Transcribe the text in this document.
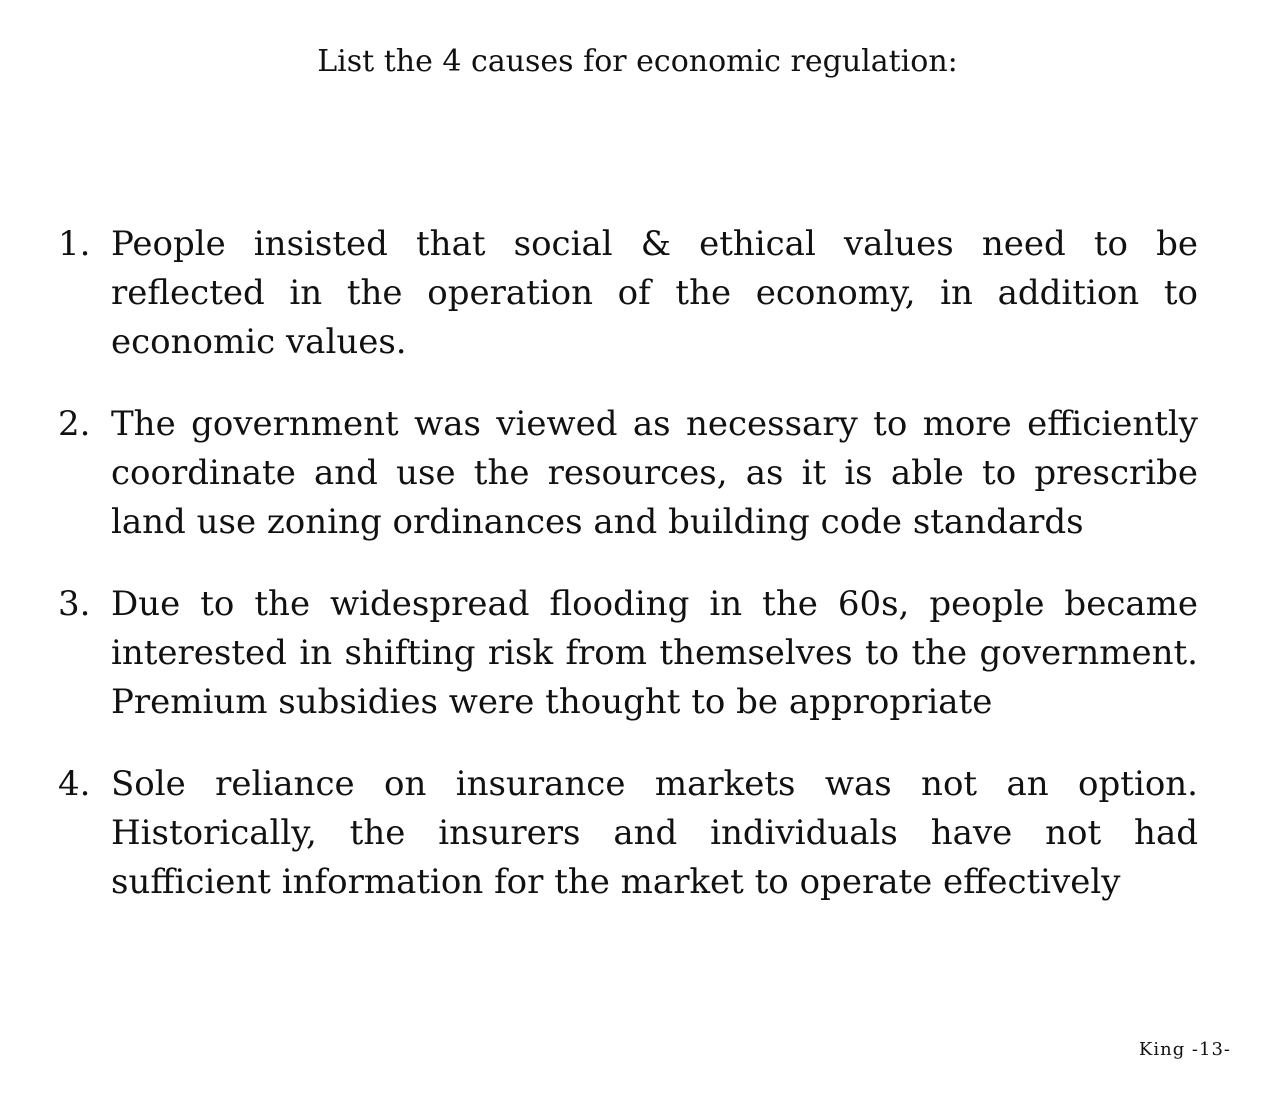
List the 4 causes for economic regulation:
1. People insisted that social & ethical values need to be reflected in the operation of the economy, in addition to economic values.
2. The government was viewed as necessary to more efficiently coordinate and use the resources, as it is able to prescribe land use zoning ordinances and building code standards
3. Due to the widespread flooding in the 60s, people became interested in shifting risk from themselves to the government. Premium subsidies were thought to be appropriate
4. Sole reliance on insurance markets was not an option. Historically, the insurers and individuals have not had sufficient information for the market to operate effectively
King -13-
